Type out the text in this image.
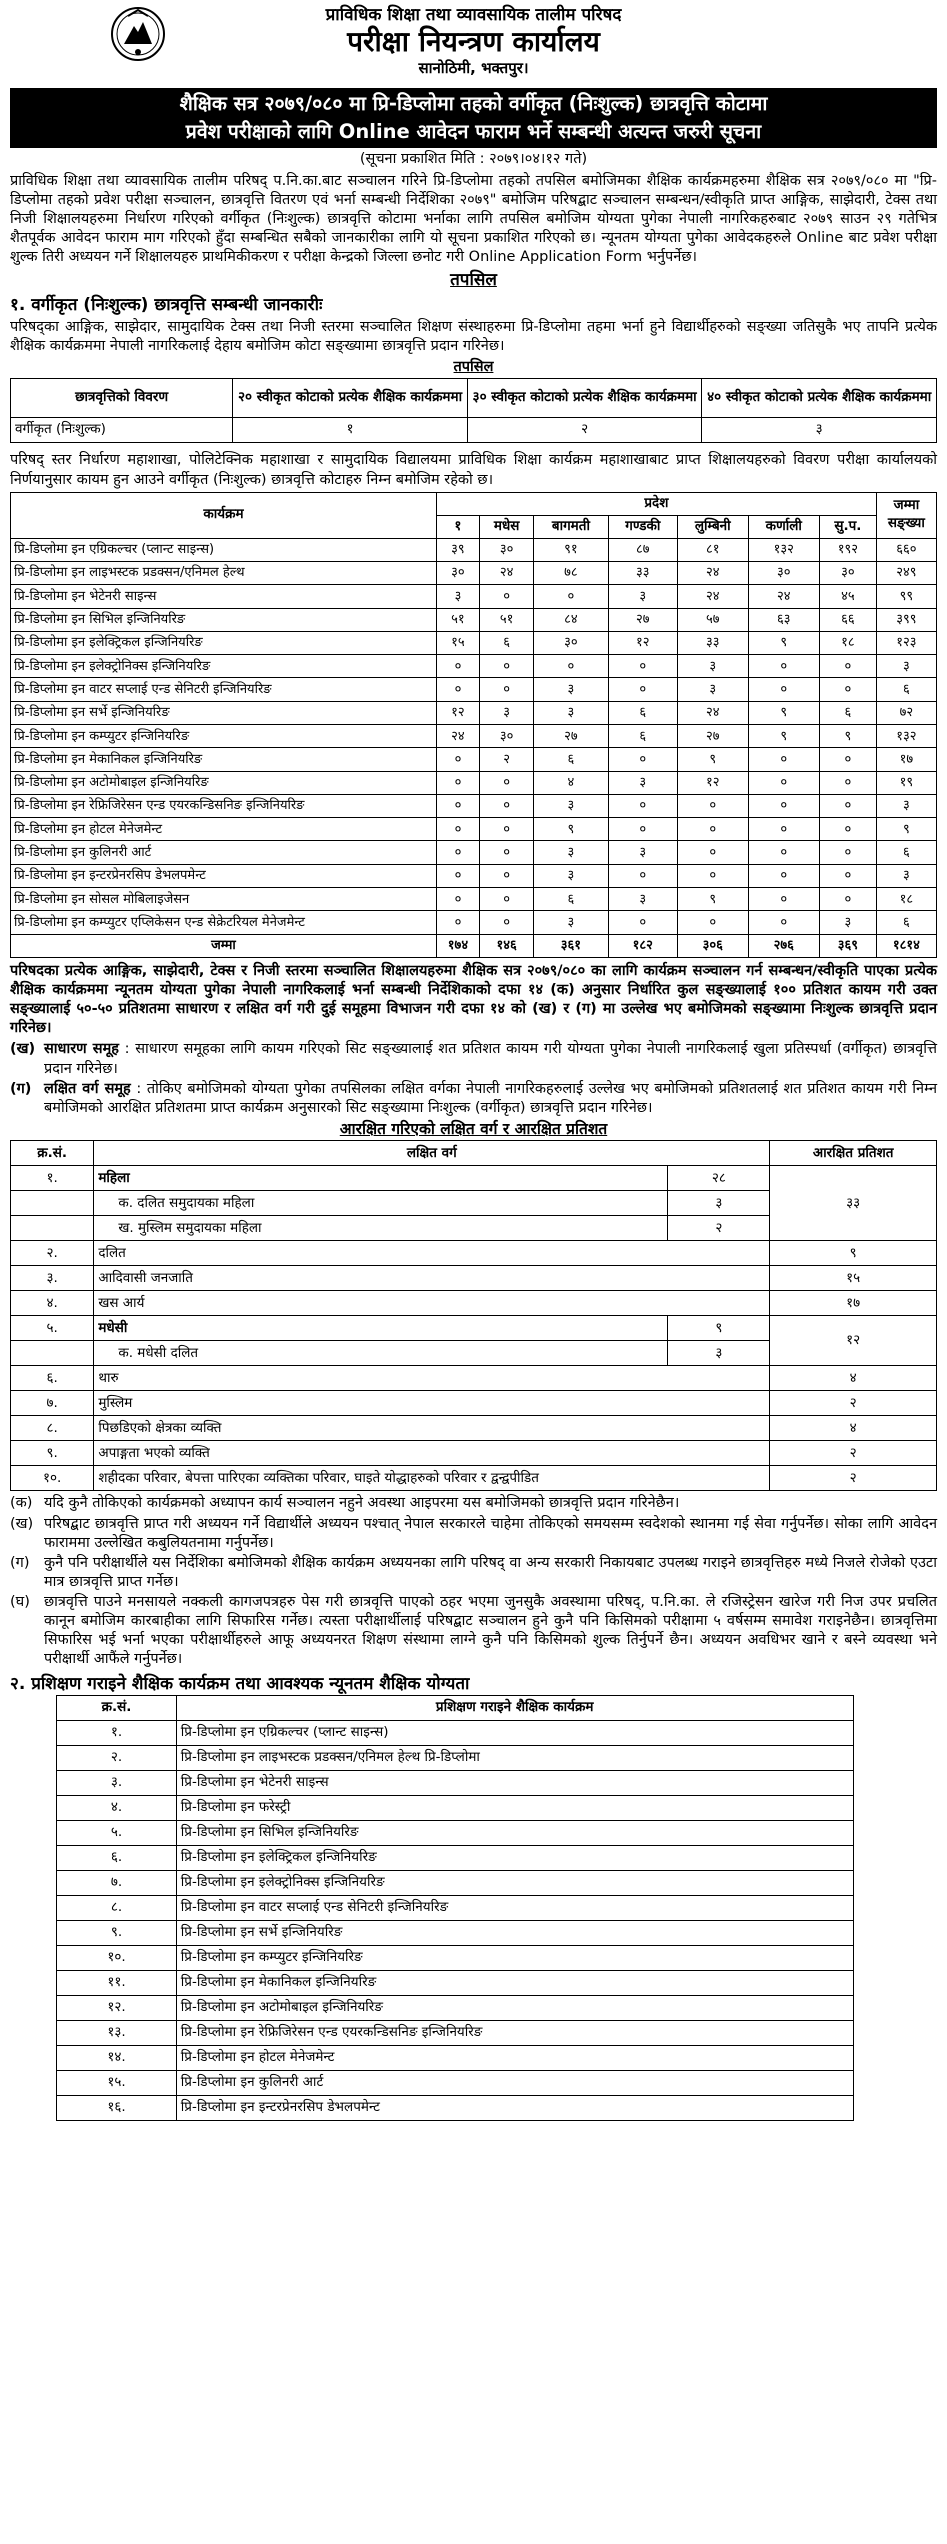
प्राविधिक शिक्षा तथा व्यावसायिक तालीम परिषद
परीक्षा नियन्त्रण कार्यालय
सानोठिमी, भक्तपुर।
शैक्षिक सत्र २०७९/०८० मा प्रि-डिप्लोमा तहको वर्गीकृत (निःशुल्क) छात्रवृत्ति कोटामा
प्रवेश परीक्षाको लागि Online आवेदन फाराम भर्ने सम्बन्धी अत्यन्त जरुरी सूचना
(सूचना प्रकाशित मिति : २०७९।०४।१२ गते)
प्राविधिक शिक्षा तथा व्यावसायिक तालीम परिषद् प.नि.का.बाट सञ्चालन गरिने प्रि-डिप्लोमा तहको तपसिल बमोजिमका शैक्षिक कार्यक्रमहरुमा शैक्षिक सत्र २०७९/०८० मा "प्रि-डिप्लोमा तहको प्रवेश परीक्षा सञ्चालन, छात्रवृत्ति वितरण एवं भर्ना सम्बन्धी निर्देशिका २०७९" बमोजिम परिषद्बाट सञ्चालन सम्बन्धन/स्वीकृति प्राप्त आङ्गिक, साझेदारी, टेक्स तथा निजी शिक्षालयहरुमा निर्धारण गरिएको वर्गीकृत (निःशुल्क) छात्रवृत्ति कोटामा भर्नाका लागि तपसिल बमोजिम योग्यता पुगेका नेपाली नागरिकहरुबाट २०७९ साउन २९ गतेभित्र शैतपूर्वक आवेदन फाराम माग गरिएको हुँदा सम्बन्धित सबैको जानकारीका लागि यो सूचना प्रकाशित गरिएको छ। न्यूनतम योग्यता पुगेका आवेदकहरुले Online बाट प्रवेश परीक्षा शुल्क तिरी अध्ययन गर्ने शिक्षालयहरु प्राथमिकीकरण र परीक्षा केन्द्रको जिल्ला छनोट गरी Online Application Form भर्नुपर्नेछ।
तपसिल
१. वर्गीकृत (निःशुल्क) छात्रवृत्ति सम्बन्धी जानकारीः
परिषद्का आङ्गिक, साझेदार, सामुदायिक टेक्स तथा निजी स्तरमा सञ्चालित शिक्षण संस्थाहरुमा प्रि-डिप्लोमा तहमा भर्ना हुने विद्यार्थीहरुको सङ्ख्या जतिसुकै भए तापनि प्रत्येक शैक्षिक कार्यक्रममा नेपाली नागरिकलाई देहाय बमोजिम कोटा सङ्ख्यामा छात्रवृत्ति प्रदान गरिनेछ।
तपसिल
छात्रवृत्तिको विवरण	२० स्वीकृत कोटाको प्रत्येक शैक्षिक कार्यक्रममा	३० स्वीकृत कोटाको प्रत्येक शैक्षिक कार्यक्रममा	४० स्वीकृत कोटाको प्रत्येक शैक्षिक कार्यक्रममा
वर्गीकृत (निःशुल्क)	१	२	३
परिषद् स्तर निर्धारण महाशाखा, पोलिटेक्निक महाशाखा र सामुदायिक विद्यालयमा प्राविधिक शिक्षा कार्यक्रम महाशाखाबाट प्राप्त शिक्षालयहरुको विवरण परीक्षा कार्यालयको निर्णयानुसार कायम हुन आउने वर्गीकृत (निःशुल्क) छात्रवृत्ति कोटाहरु निम्न बमोजिम रहेको छ।
कार्यक्रम	प्रदेश							जम्मा सङ्ख्या
	१	मधेस	बागमती	गण्डकी	लुम्बिनी	कर्णाली	सु.प.	
प्रि-डिप्लोमा इन एग्रिकल्चर (प्लान्ट साइन्स)	३९	३०	९१	८७	८१	१३२	१९२	६६०
प्रि-डिप्लोमा इन लाइभस्टक प्रडक्सन/एनिमल हेल्थ	३०	२४	७८	३३	२४	३०	३०	२४९
प्रि-डिप्लोमा इन भेटेनरी साइन्स	३	०	०	३	२४	२४	४५	९९
प्रि-डिप्लोमा इन सिभिल इन्जिनियरिङ	५१	५१	८४	२७	५७	६३	६६	३९९
प्रि-डिप्लोमा इन इलेक्ट्रिकल इन्जिनियरिङ	१५	६	३०	१२	३३	९	१८	१२३
प्रि-डिप्लोमा इन इलेक्ट्रोनिक्स इन्जिनियरिङ	०	०	०	०	३	०	०	३
प्रि-डिप्लोमा इन वाटर सप्लाई एन्ड सेनिटरी इन्जिनियरिङ	०	०	३	०	३	०	०	६
प्रि-डिप्लोमा इन सर्भे इन्जिनियरिङ	१२	३	३	६	२४	९	६	७२
प्रि-डिप्लोमा इन कम्प्युटर इन्जिनियरिङ	२४	३०	२७	६	२७	९	९	१३२
प्रि-डिप्लोमा इन मेकानिकल इन्जिनियरिङ	०	२	६	०	९	०	०	१७
प्रि-डिप्लोमा इन अटोमोबाइल इन्जिनियरिङ	०	०	४	३	१२	०	०	१९
प्रि-डिप्लोमा इन रेफ्रिजिरेसन एन्ड एयरकन्डिसनिङ इन्जिनियरिङ	०	०	३	०	०	०	०	३
प्रि-डिप्लोमा इन होटल मेनेजमेन्ट	०	०	९	०	०	०	०	९
प्रि-डिप्लोमा इन कुलिनरी आर्ट	०	०	३	३	०	०	०	६
प्रि-डिप्लोमा इन इन्टरप्रेनरसिप डेभलपमेन्ट	०	०	३	०	०	०	०	३
प्रि-डिप्लोमा इन सोसल मोबिलाइजेसन	०	०	६	३	९	०	०	१८
प्रि-डिप्लोमा इन कम्प्युटर एप्लिकेसन एन्ड सेक्रेटरियल मेनेजमेन्ट	०	०	३	०	०	०	३	६
जम्मा	१७४	१४६	३६१	१८२	३०६	२७६	३६९	१८१४
परिषदका प्रत्येक आङ्गिक, साझेदारी, टेक्स र निजी स्तरमा सञ्चालित शिक्षालयहरुमा शैक्षिक सत्र २०७९/०८० का लागि कार्यक्रम सञ्चालन गर्न सम्बन्धन/स्वीकृति पाएका प्रत्येक शैक्षिक कार्यक्रममा न्यूनतम योग्यता पुगेका नेपाली नागरिकलाई भर्ना सम्बन्धी निर्देशिकाको दफा १४ (क) अनुसार निर्धारित कुल सङ्ख्यालाई १०० प्रतिशत कायम गरी उक्त सङ्ख्यालाई ५०-५० प्रतिशतमा साधारण र लक्षित वर्ग गरी दुई समूहमा विभाजन गरी दफा १४ को (ख) र (ग) मा उल्लेख भए बमोजिमको सङ्ख्यामा निःशुल्क छात्रवृत्ति प्रदान गरिनेछ।
(ख) साधारण समूह : साधारण समूहका लागि कायम गरिएको सिट सङ्ख्यालाई शत प्रतिशत कायम गरी योग्यता पुगेका नेपाली नागरिकलाई खुला प्रतिस्पर्धा (वर्गीकृत) छात्रवृत्ति प्रदान गरिनेछ।
(ग) लक्षित वर्ग समूह : तोकिए बमोजिमको योग्यता पुगेका तपसिलका लक्षित वर्गका नेपाली नागरिकहरुलाई उल्लेख भए बमोजिमको प्रतिशतलाई शत प्रतिशत कायम गरी निम्न बमोजिमको आरक्षित प्रतिशतमा प्राप्त कार्यक्रम अनुसारको सिट सङ्ख्यामा निःशुल्क (वर्गीकृत) छात्रवृत्ति प्रदान गरिनेछ।
आरक्षित गरिएको लक्षित वर्ग र आरक्षित प्रतिशत
क्र.सं.	लक्षित वर्ग		आरक्षित प्रतिशत
१.	महिला	२८	३३
	क. दलित समुदायका महिला	३	
	ख. मुस्लिम समुदायका महिला	२	
२.	दलित		९
३.	आदिवासी जनजाति		१५
४.	खस आर्य		१७
५.	मधेसी	९	१२
	क. मधेसी दलित	३	
६.	थारु		४
७.	मुस्लिम		२
८.	पिछडिएको क्षेत्रका व्यक्ति		४
९.	अपाङ्गता भएको व्यक्ति		२
१०.	शहीदका परिवार, बेपत्ता पारिएका व्यक्तिका परिवार, घाइते योद्धाहरुको परिवार र द्वन्द्वपीडित		२
(क) यदि कुनै तोकिएको कार्यक्रमको अध्यापन कार्य सञ्चालन नहुने अवस्था आइपरमा यस बमोजिमको छात्रवृत्ति प्रदान गरिनेछैन।
(ख) परिषद्बाट छात्रवृत्ति प्राप्त गरी अध्ययन गर्ने विद्यार्थीले अध्ययन पश्चात् नेपाल सरकारले चाहेमा तोकिएको समयसम्म स्वदेशको स्थानमा गई सेवा गर्नुपर्नेछ। सोका लागि आवेदन फाराममा उल्लेखित कबुलियतनामा गर्नुपर्नेछ।
(ग)	कुनै पनि परीक्षार्थीले यस निर्देशिका बमोजिमको शैक्षिक कार्यक्रम अध्ययनका लागि परिषद् वा अन्य सरकारी निकायबाट उपलब्ध गराइने छात्रवृत्तिहरु मध्ये निजले रोजेको एउटा मात्र छात्रवृत्ति प्राप्त गर्नेछ।
(घ) छात्रवृत्ति पाउने मनसायले नक्कली कागजपत्रहरु पेस गरी छात्रवृत्ति पाएको ठहर भएमा जुनसुकै अवस्थामा परिषद्, प.नि.का. ले रजिस्ट्रेसन खारेज गरी निज उपर प्रचलित कानून बमोजिम कारबाहीका लागि सिफारिस गर्नेछ। त्यस्ता परीक्षार्थीलाई परिषद्बाट सञ्चालन हुने कुनै पनि किसिमको परीक्षामा ५ वर्षसम्म समावेश गराइनेछैन। छात्रवृत्तिमा सिफारिस भई भर्ना भएका परीक्षार्थीहरुले आफू अध्ययनरत शिक्षण संस्थामा लाग्ने कुनै पनि किसिमको शुल्क तिर्नुपर्ने छैन। अध्ययन अवधिभर खाने र बस्ने व्यवस्था भने परीक्षार्थी आफैंले गर्नुपर्नेछ।
२. प्रशिक्षण गराइने शैक्षिक कार्यक्रम तथा आवश्यक न्यूनतम शैक्षिक योग्यता
क्र.सं.	प्रशिक्षण गराइने शैक्षिक कार्यक्रम
१.	प्रि-डिप्लोमा इन एग्रिकल्चर (प्लान्ट साइन्स)
२.	प्रि-डिप्लोमा इन लाइभस्टक प्रडक्सन/एनिमल हेल्थ प्रि-डिप्लोमा
३.	प्रि-डिप्लोमा इन भेटेनरी साइन्स
४.	प्रि-डिप्लोमा इन फरेस्ट्री
५.	प्रि-डिप्लोमा इन सिभिल इन्जिनियरिङ
६.	प्रि-डिप्लोमा इन इलेक्ट्रिकल इन्जिनियरिङ
७.	प्रि-डिप्लोमा इन इलेक्ट्रोनिक्स इन्जिनियरिङ
८.	प्रि-डिप्लोमा इन वाटर सप्लाई एन्ड सेनिटरी इन्जिनियरिङ
९.	प्रि-डिप्लोमा इन सर्भे इन्जिनियरिङ
१०.	प्रि-डिप्लोमा इन कम्प्युटर इन्जिनियरिङ
११.	प्रि-डिप्लोमा इन मेकानिकल इन्जिनियरिङ
१२.	प्रि-डिप्लोमा इन अटोमोबाइल इन्जिनियरिङ
१३.	प्रि-डिप्लोमा इन रेफ्रिजिरेसन एन्ड एयरकन्डिसनिङ इन्जिनियरिङ
१४.	प्रि-डिप्लोमा इन होटल मेनेजमेन्ट
१५.	प्रि-डिप्लोमा इन कुलिनरी आर्ट
१६.	प्रि-डिप्लोमा इन इन्टरप्रेनरसिप डेभलपमेन्ट
